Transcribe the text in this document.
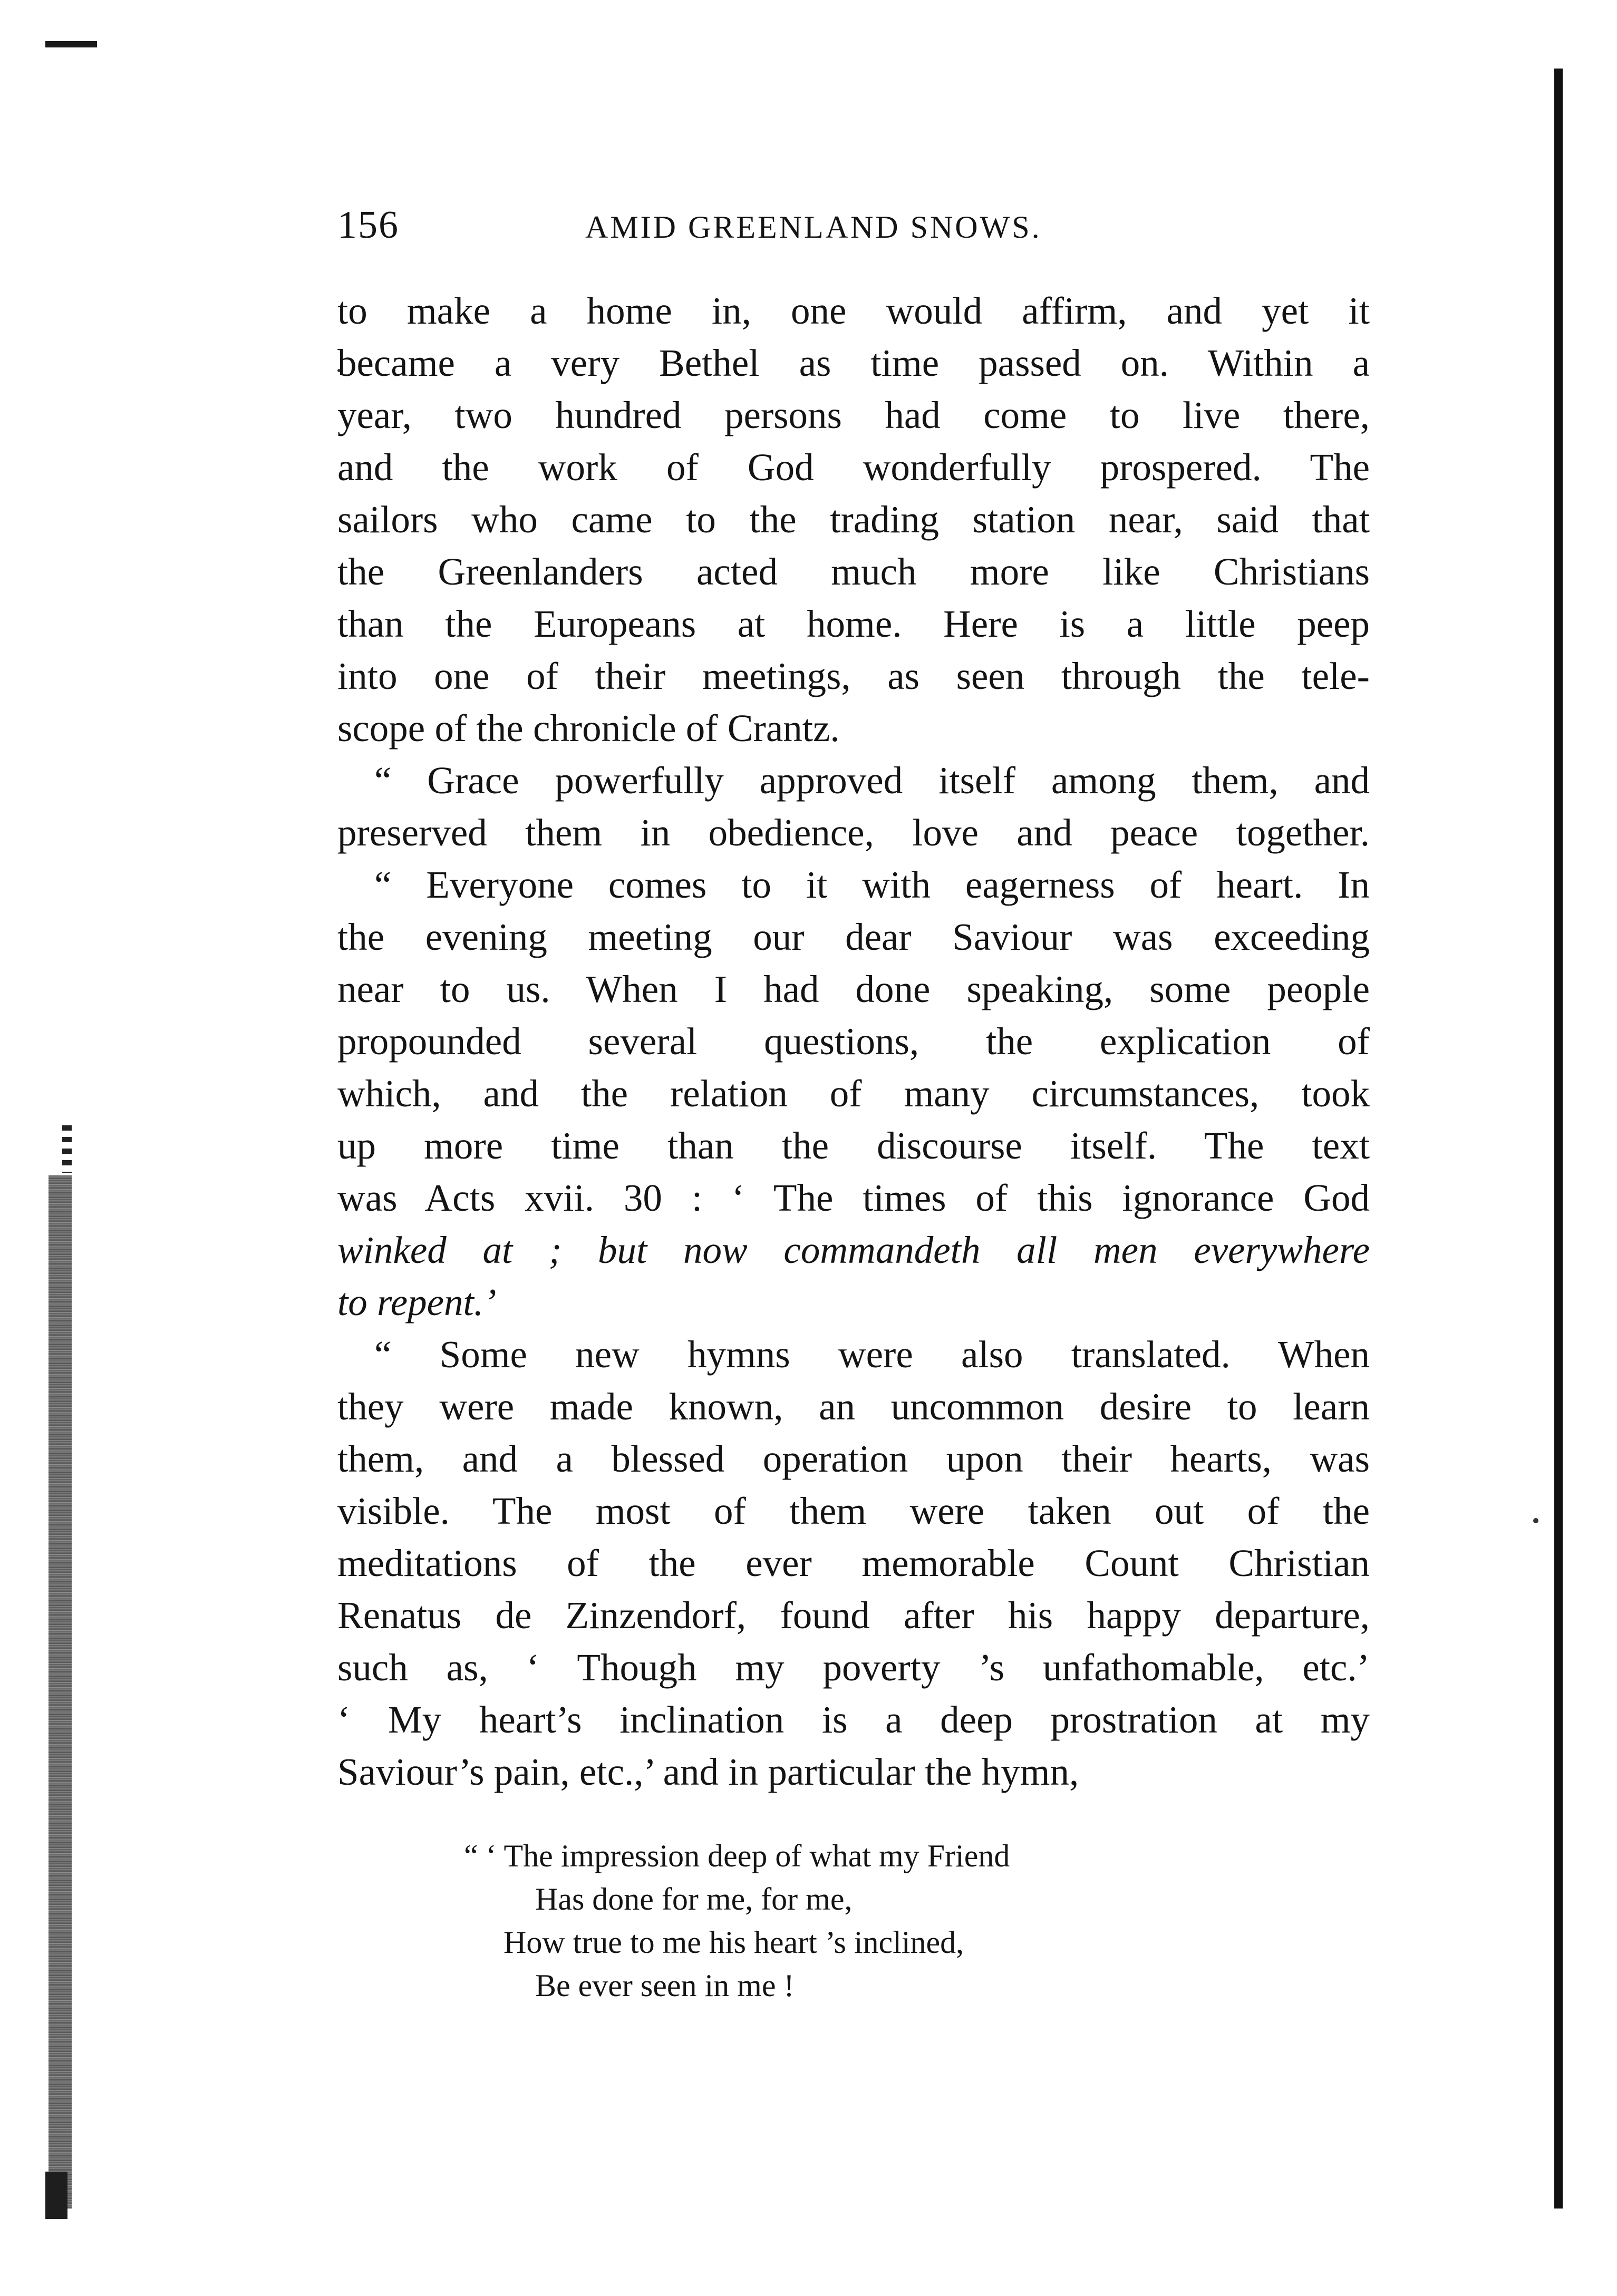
156	AMID GREENLAND SNOWS.
to make a home in, one would affirm, and yet it
became a very Bethel as time passed on. Within a
year, two hundred persons had come to live there,
and the work of God wonderfully prospered. The
sailors who came to the trading station near, said that
the Greenlanders acted much more like Christians
than the Europeans at home. Here is a little peep
into one of their meetings, as seen through the tele-
scope of the chronicle of Crantz.
“ Grace powerfully approved itself among them, and
preserved them in obedience, love and peace together.
“ Everyone comes to it with eagerness of heart. In
the evening meeting our dear Saviour was exceeding
near to us. When I had done speaking, some people
propounded several questions, the explication of
which, and the relation of many circumstances, took
up more time than the discourse itself. The text
was Acts xvii. 30 : ‘ The times of this ignorance God
winked at ; but now commandeth all men everywhere
to repent.’
“ Some new hymns were also translated. When
they were made known, an uncommon desire to learn
them, and a blessed operation upon their hearts, was
visible. The most of them were taken out of the
meditations of the ever memorable Count Christian
Renatus de Zinzendorf, found after his happy departure,
such as, ‘ Though my poverty ’s unfathomable, etc.’
‘ My heart’s inclination is a deep prostration at my
Saviour’s pain, etc.,’ and in particular the hymn,
“ ‘ The impression deep of what my Friend
Has done for me, for me,
How true to me his heart ’s inclined,
Be ever seen in me !
